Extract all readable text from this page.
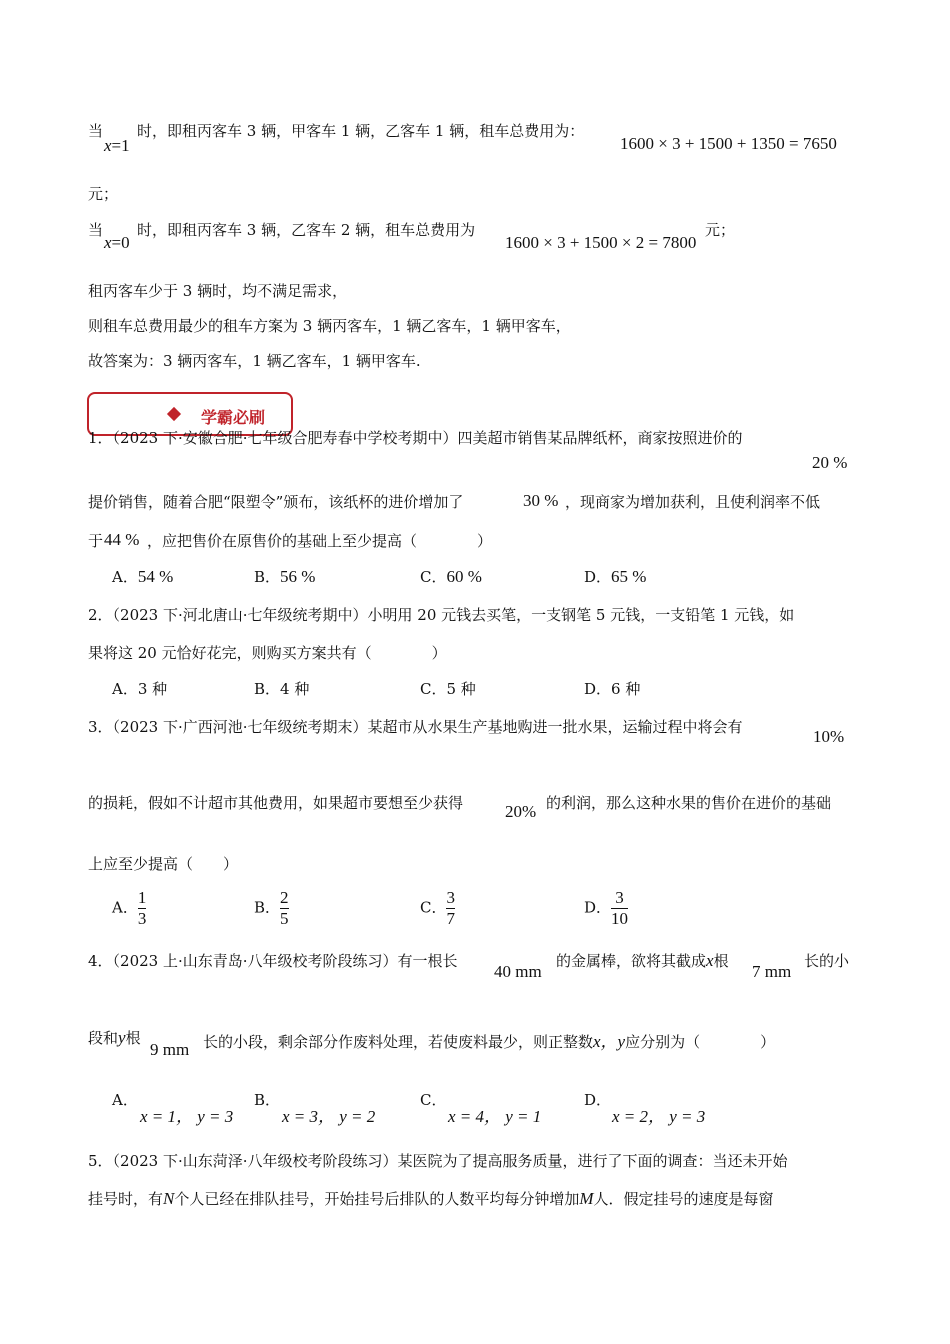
当
x=1
时，即租丙客车 3 辆，甲客车 1 辆，乙客车 1 辆，租车总费用为：
1600 × 3 + 1500 + 1350 = 7650
元；
当
x=0
时，即租丙客车 3 辆，乙客车 2 辆，租车总费用为
1600 × 3 + 1500 × 2 = 7800
元；
租丙客车少于 3 辆时，均不满足需求，
则租车总费用最少的租车方案为 3 辆丙客车，1 辆乙客车，1 辆甲客车，
故答案为：3 辆丙客车，1 辆乙客车，1 辆甲客车.
学霸必刷
1．（2023 下·安徽合肥·七年级合肥寿春中学校考期中）四美超市销售某品牌纸杯，商家按照进价的
20 %
提价销售，随着合肥“限塑令”颁布，该纸杯的进价增加了	30 % ，现商家为增加获利，且使利润率不低
于 44 % ，应把售价在原售价的基础上至少提高（　　　　）
A．54 %	B．56 %	C．60 %	D．65 %
2．（2023 下·河北唐山·七年级统考期中）小明用 20 元钱去买笔，一支钢笔 5 元钱，一支铅笔 1 元钱，如
果将这 20 元恰好花完，则购买方案共有（　　　　）
A．3 种	B．4 种	C．5 种	D．6 种
3．（2023 下·广西河池·七年级统考期末）某超市从水果生产基地购进一批水果，运输过程中将会有	10%
的损耗，假如不计超市其他费用，如果超市要想至少获得 20% 的利润，那么这种水果的售价在进价的基础
上应至少提高（　　）
A． $\frac{1}{3}$	B． $\frac{2}{5}$	C． $\frac{3}{7}$	D． $\frac{3}{10}$
4．（2023 上·山东青岛·八年级校考阶段练习）有一根长
40 mm
的金属棒，欲将其截成x根
7 mm
长的小
段和y根
9 mm 长的小段，剩余部分作废料处理，若使废料最少，则正整数x，y应分别为（　　　　）
A．
x = 1， y = 3
B．
x = 3， y = 2
C．
x = 4， y = 1
D．
x = 2， y = 3
5．（2023 下·山东菏泽·八年级校考阶段练习）某医院为了提高服务质量，进行了下面的调查：当还未开始
挂号时，有N个人已经在排队挂号，开始挂号后排队的人数平均每分钟增加M人．假定挂号的速度是每窗
